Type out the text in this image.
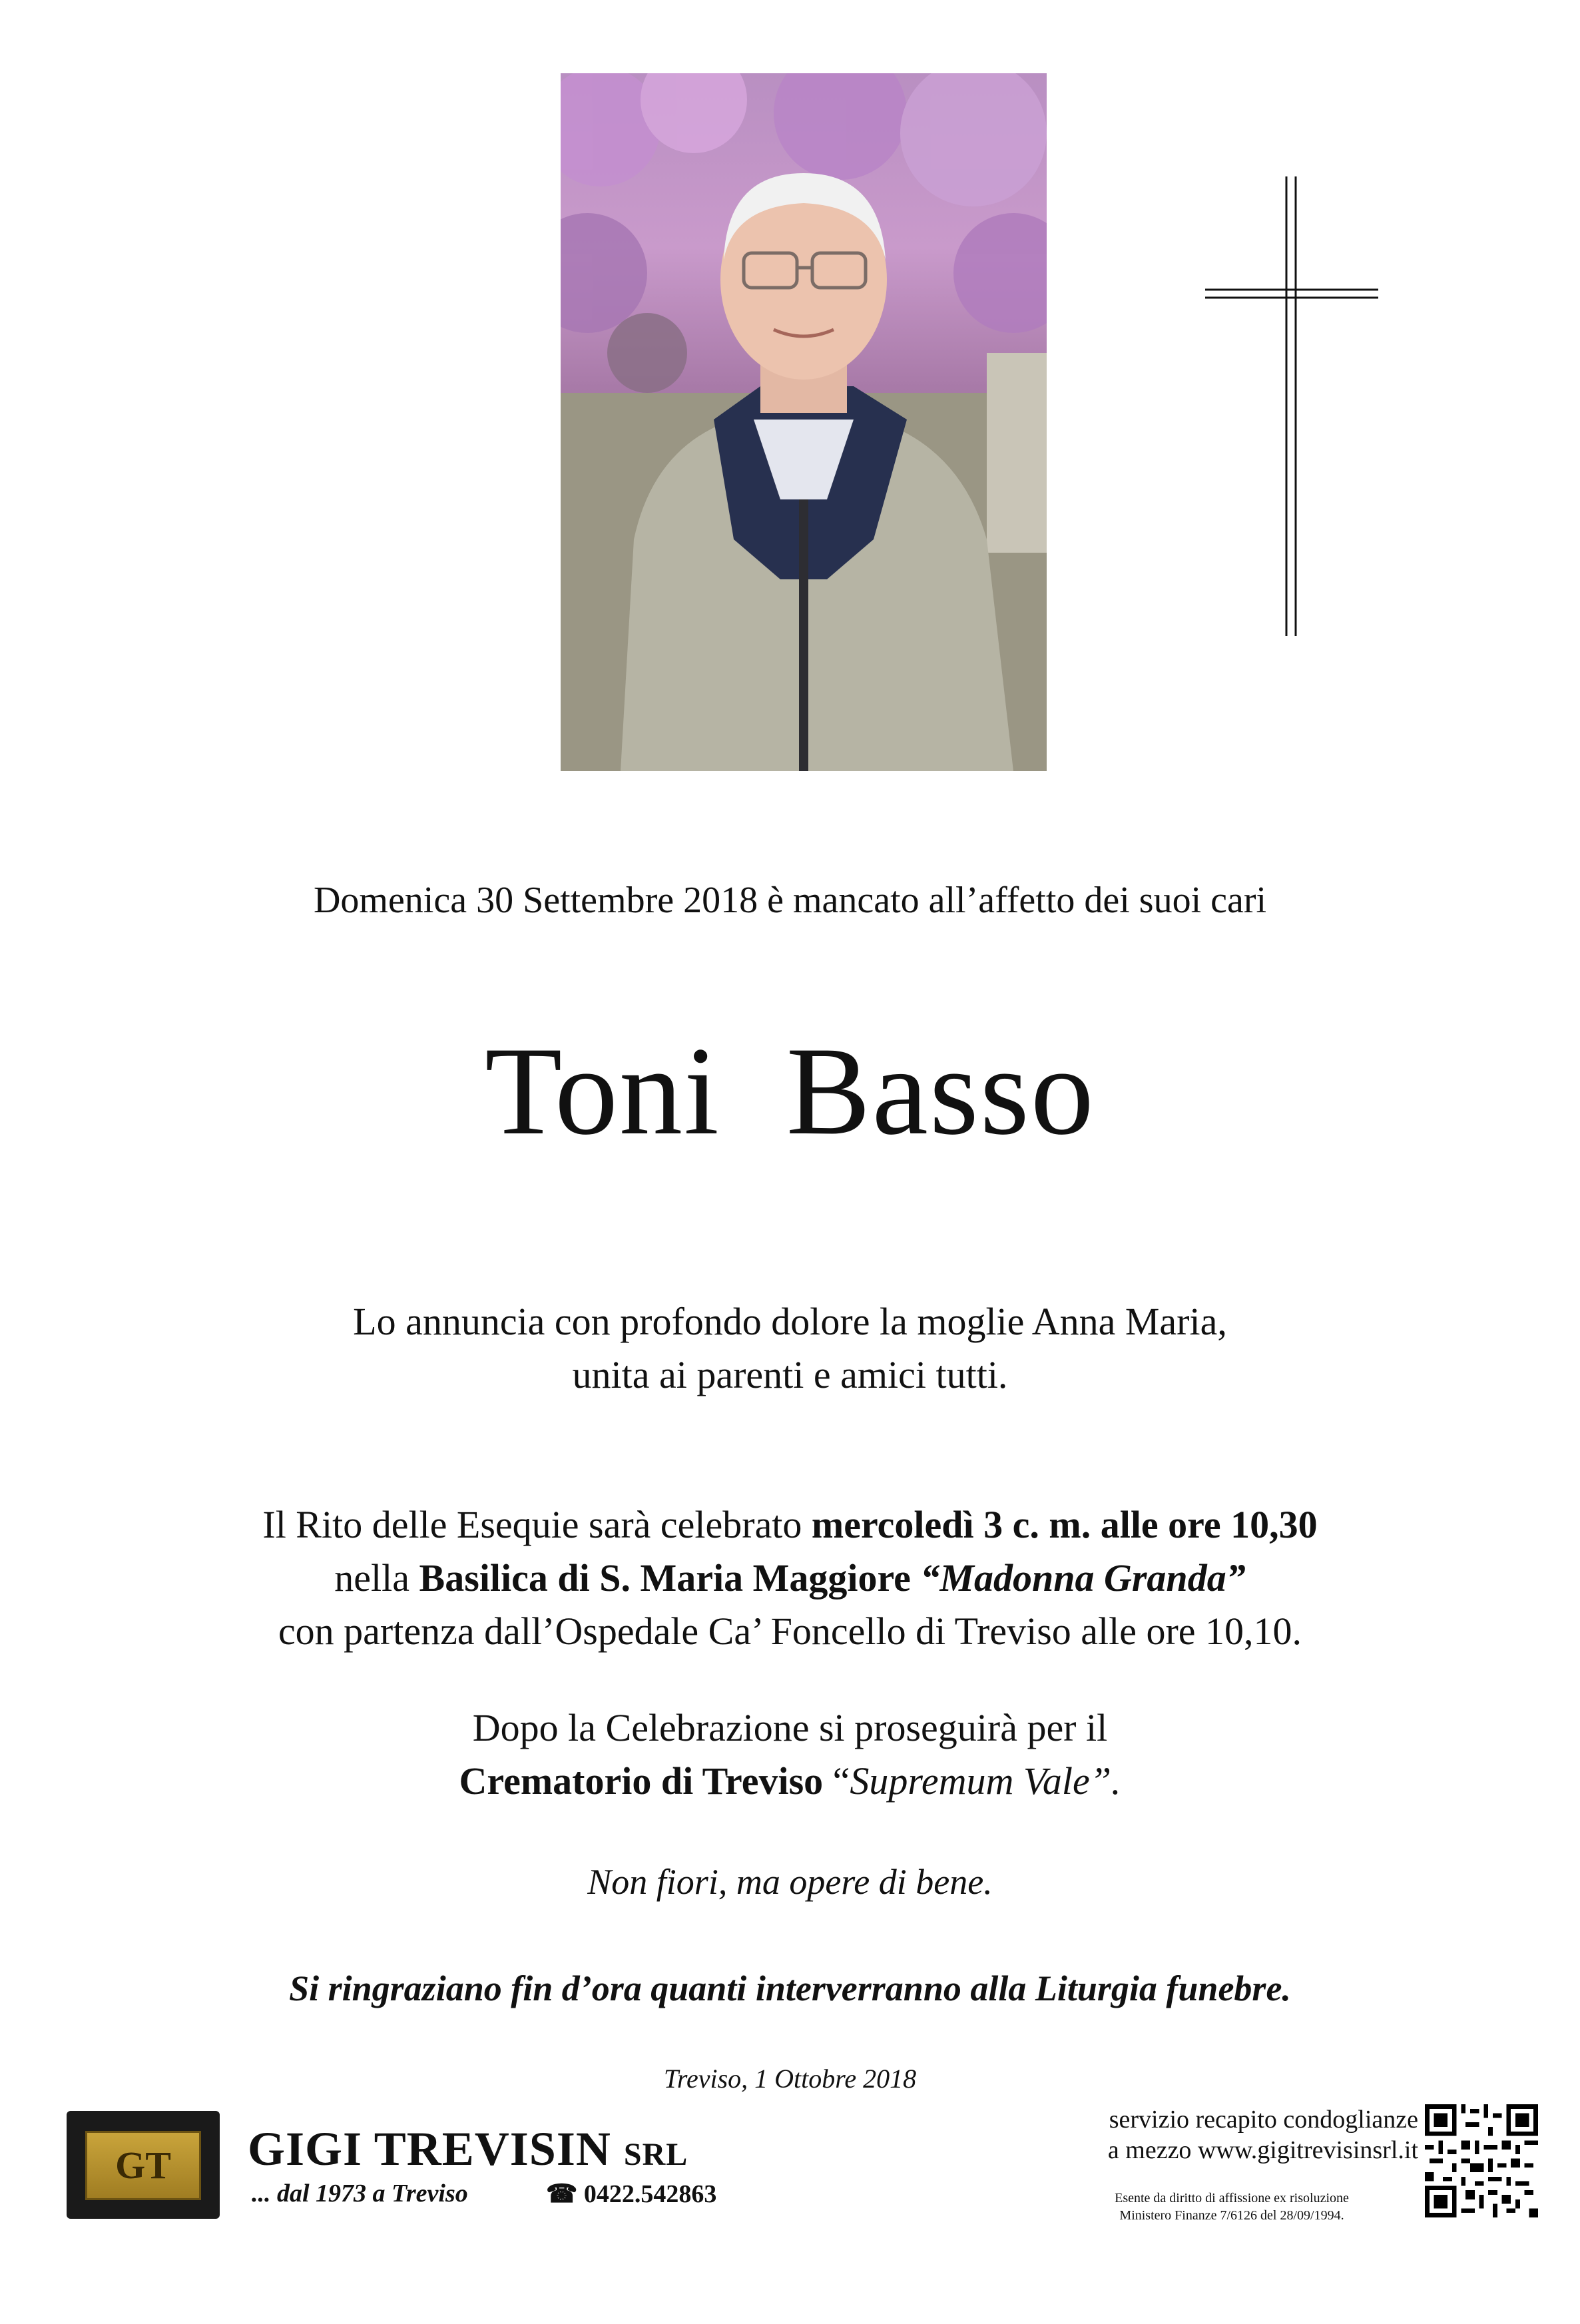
Domenica 30 Settembre 2018 è mancato all’affetto dei suoi cari
Toni  Basso
Lo annuncia con profondo dolore la moglie Anna Maria,
unita ai parenti e amici tutti.
Il Rito delle Esequie sarà celebrato mercoledì 3 c. m. alle ore 10,30
nella Basilica di S. Maria Maggiore “Madonna Granda”
con partenza dall’Ospedale Ca’ Foncello di Treviso alle ore 10,10.
Dopo la Celebrazione si proseguirà per il
Crematorio di Treviso “Supremum Vale”.
Non fiori, ma opere di bene.
Si ringraziano fin d’ora quanti interverranno alla Liturgia funebre.
Treviso, 1 Ottobre 2018
GT	GIGI TREVISIN SRL
... dal 1973 a Treviso	☎ 0422.542863
servizio recapito condoglianze
a mezzo www.gigitrevisinsrl.it
Esente da diritto di affissione ex risoluzione
Ministero Finanze 7/6126 del 28/09/1994.
